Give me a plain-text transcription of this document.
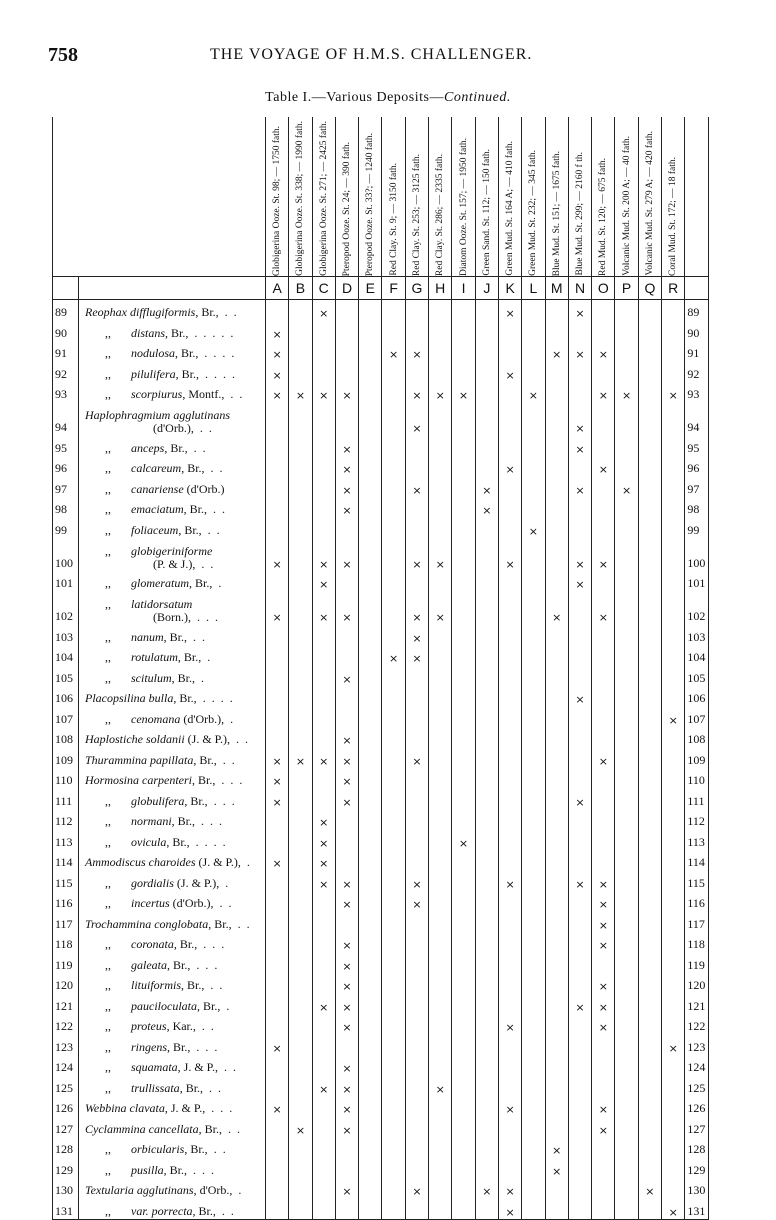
758	THE VOYAGE OF H.M.S. CHALLENGER.
Table I.—Various Deposits—Continued.

		Globigerina Ooze. St. 98; — 1750 fath.	Globigerina Ooze. St. 338; — 1990 fath.	Globigerina Ooze. St. 271; — 2425 fath.	Pteropod Ooze. St. 24; — 390 fath.	Pteropod Ooze. St. 33?; — 1240 fath.	Red Clay. St. 9; — 3150 fath.	Red Clay. St. 253; — 3125 fath.	Red Clay. St. 286; — 2335 fath.	Diatom Ooze. St. 157; — 1950 fath.	Green Sand. St. 112; — 150 fath.	Green Mud. St. 164 A; — 410 fath.	Green Mud. St. 232; — 345 fath.	Blue Mud. St. 151; — 1675 fath.	Blue Mud. St. 299; — 2160 f th.	Red Mud. St. 120; — 675 fath.	Volcanic Mud. St. 200 A; — 40 fath.	Volcanic Mud. St. 279 A; — 420 fath.	Coral Mud. St. 172; — 18 fath.	

		A	B	C	D	E	F	G	H	I	J	K	L	M	N	O	P	Q	R	
89	Reophax difflugiformis, Br.,  .  .			×								×			×					89
90	,, distans, Br.,  .  .  .  .  .	×																		90
91	,, nodulosa, Br.,  .  .  .  .	×					×	×						×	×	×				91
92	,, pilulifera, Br.,  .  .  .  .	×										×								92
93	,, scorpiurus, Montf.,  .  .	×	×	×	×			×	×	×			×			×	×		×	93
94	Haplophragmium agglutinans
(d'Orb.),  .  .							×							×					94
95	,, anceps, Br.,  .  .				×										×					95
96	,, calcareum, Br.,  .  .				×							×				×				96
97	,, canariense (d'Orb.)				×			×			×				×		×			97
98	,, emaciatum, Br.,  .  .				×						×									98
99	,, foliaceum, Br.,  .  .												×							99
100	,, globigeriniforme
(P. & J.),  .  .	×		×	×			×	×			×			×	×				100
101	,, glomeratum, Br.,  .			×											×					101
102	,, latidorsatum
(Born.),  .  .  .	×		×	×			×	×					×		×				102
103	,, nanum, Br.,  .  .							×												103
104	,, rotulatum, Br.,  .						×	×												104
105	,, scitulum, Br.,  .				×															105
106	Placopsilina bulla, Br.,  .  .  .  .														×					106
107	,, cenomana (d'Orb.),  .																		×	107
108	Haplostiche soldanii (J. & P.),  .  .				×															108
109	Thurammina papillata, Br.,  .  .	×	×	×	×			×								×				109
110	Hormosina carpenteri, Br.,  .  .  .	×			×															110
111	,, globulifera, Br.,  .  .  .	×			×										×					111
112	,, normani, Br.,  .  .  .			×																112
113	,, ovicula, Br.,  .  .  .  .			×						×										113
114	Ammodiscus charoides (J. & P.),  .	×		×																114
115	,, gordialis (J. & P.),  .			×	×			×				×			×	×				115
116	,, incertus (d'Orb.),  .  .				×			×								×				116
117	Trochammina conglobata, Br.,  .  .															×				117
118	,, coronata, Br.,  .  .  .				×											×				118
119	,, galeata, Br.,  .  .  .				×															119
120	,, lituiformis, Br.,  .  .				×											×				120
121	,, pauciloculata, Br.,  .			×	×										×	×				121
122	,, proteus, Kar.,  .  .				×							×				×				122
123	,, ringens, Br.,  .  .  .	×																	×	123
124	,, squamata, J. & P.,  .  .				×															124
125	,, trullissata, Br.,  .  .			×	×				×											125
126	Webbina clavata, J. & P.,  .  .  .	×			×							×				×				126
127	Cyclammina cancellata, Br.,  .  .		×		×											×				127
128	,, orbicularis, Br.,  .  .													×						128
129	,, pusilla, Br.,  .  .  .													×						129
130	Textularia agglutinans, d'Orb.,  .				×			×			×	×						×		130
131	,, var. porrecta, Br.,  .  .											×							×	131
